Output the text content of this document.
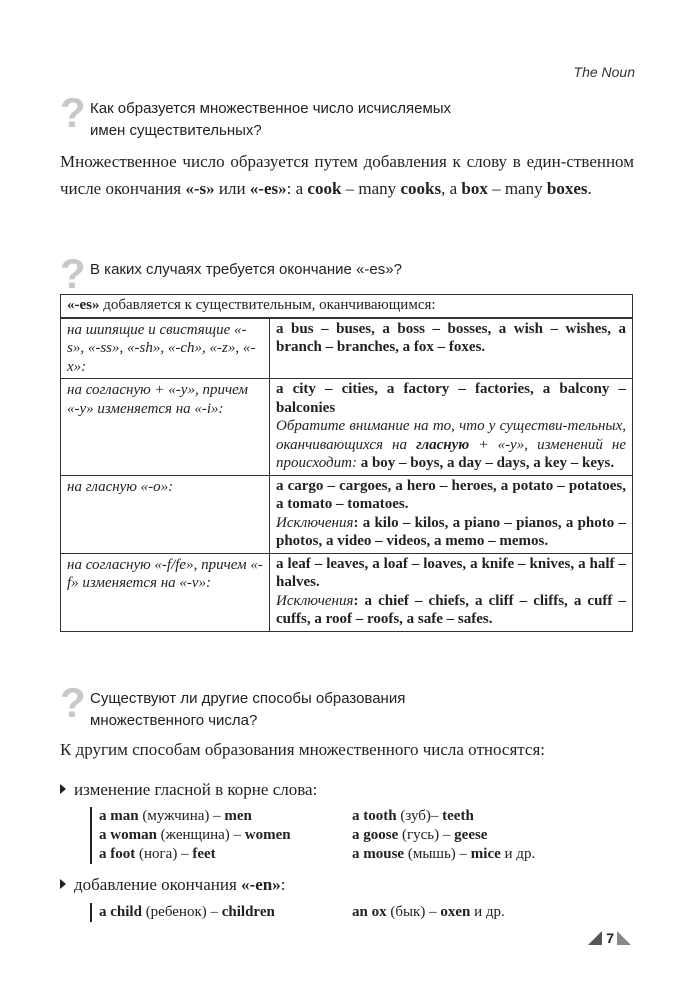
The Noun
? Как образуется множественное число исчисляемых
имен существительных?
Множественное число образуется путем добавления к слову в един-ственном числе окончания «-s» или «-es»: a cook – many cooks, a box – many boxes.
? В каких случаях требуется окончание «-es»?
«-es» добавляется к существительным, оканчивающимся:	
на шипящие и свистящие «-s», «-ss», «-sh», «-ch», «-z», «-x»:	a bus – buses, a boss – bosses, a wish – wishes, a branch – branches, a fox – foxes.
на согласную + «-y», причем «-y» изменяется на «-i»:	a city – cities, a factory – factories, a balcony – balconies
Обратите внимание на то, что у существи-тельных, оканчивающихся на гласную + «-y», изменений не происходит: a boy – boys, a day – days, a key – keys.
на гласную «-o»:	a cargo – cargoes, a hero – heroes, a potato – potatoes, a tomato – tomatoes.
Исключения: a kilo – kilos, a piano – pianos, a photo – photos, a video – videos, a memo – memos.
на согласную «-f/fe», причем «-f» изменяется на «-v»:	a leaf – leaves, a loaf – loaves, a knife – knives, a half – halves.
Исключения: a chief – chiefs, a cliff – cliffs, a cuff – cuffs, a roof – roofs, a safe – safes.
? Существуют ли другие способы образования
множественного числа?
К другим способам образования множественного числа относятся:
изменение гласной в корне слова:
a man (мужчина) – men	a tooth (зуб)– teeth
a woman (женщина) – women	a goose (гусь) – geese
a foot (нога) – feet	a mouse (мышь) – mice и др.
добавление окончания «-en»:
a child (ребенок) – children	an ox (бык) – oxen и др.
7
